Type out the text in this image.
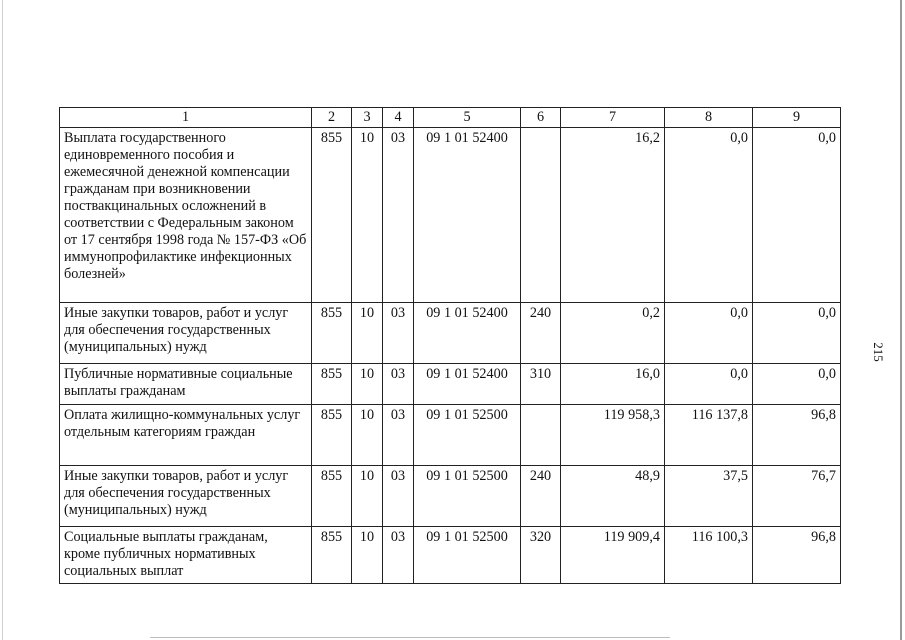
1	2	3	4	5	6	7	8	9
Выплата государственного единовременного пособия и ежемесячной денежной компенсации гражданам при возникновении поствакцинальных осложнений в соответствии с Федеральным законом от 17 сентября 1998 года № 157-ФЗ «Об иммунопрофилактике инфекционных болезней»	855	10	03	09 1 01 52400		16,2	0,0	0,0
Иные закупки товаров, работ и услуг для обеспечения государственных (муниципальных) нужд	855	10	03	09 1 01 52400	240	0,2	0,0	0,0
Публичные нормативные социальные выплаты гражданам	855	10	03	09 1 01 52400	310	16,0	0,0	0,0
Оплата жилищно-коммунальных услуг отдельным категориям граждан	855	10	03	09 1 01 52500		119 958,3	116 137,8	96,8
Иные закупки товаров, работ и услуг для обеспечения государственных (муниципальных) нужд	855	10	03	09 1 01 52500	240	48,9	37,5	76,7
Социальные выплаты гражданам, кроме публичных нормативных социальных выплат	855	10	03	09 1 01 52500	320	119 909,4	116 100,3	96,8
215
